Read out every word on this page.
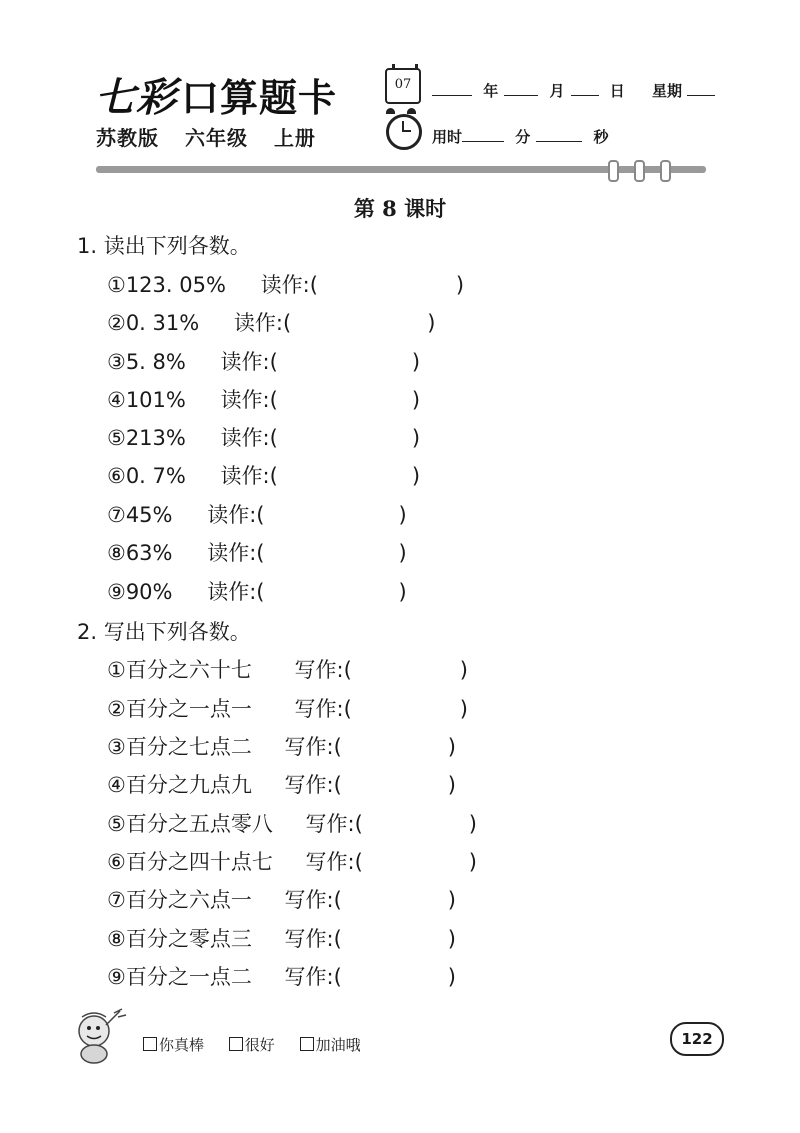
七彩 口算题卡
苏教版 六年级 上册
07	年	月	日 星期
用时	分	秒
第 8 课时
1. 读出下列各数。
①123. 05% 读作:(	)
②0. 31% 读作:(	)
③5. 8% 读作:(	)
④101% 读作:(	)
⑤213% 读作:(	)
⑥0. 7% 读作:(	)
⑦45% 读作:(	)
⑧63% 读作:(	)
⑨90% 读作:(	)
2. 写出下列各数。
①百分之六十七 写作:(	)
②百分之一点一 写作:(	)
③百分之七点二 写作:(	)
④百分之九点九 写作:(	)
⑤百分之五点零八 写作:(	)
⑥百分之四十点七 写作:(	)
⑦百分之六点一 写作:(	)
⑧百分之零点三 写作:(	)
⑨百分之一点二 写作:(	)
你真棒	很好	加油哦	122
